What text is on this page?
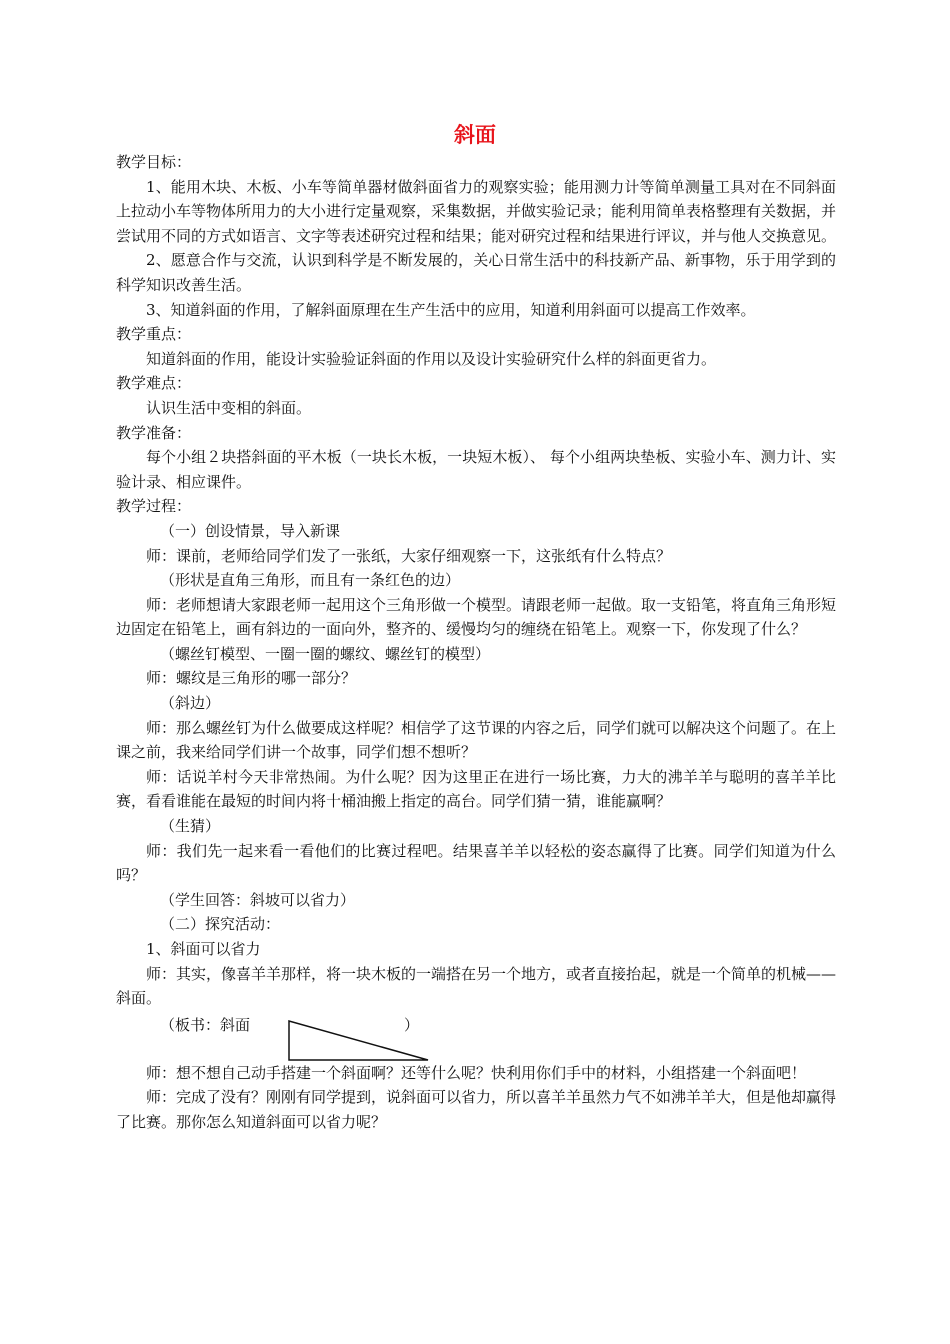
斜面

教学目标：

1、能用木块、木板、小车等简单器材做斜面省力的观察实验；能用测力计等简单测量工具对在不同斜面上拉动小车等物体所用力的大小进行定量观察，采集数据，并做实验记录；能利用简单表格整理有关数据，并尝试用不同的方式如语言、文字等表述研究过程和结果；能对研究过程和结果进行评议，并与他人交换意见。

2、愿意合作与交流，认识到科学是不断发展的，关心日常生活中的科技新产品、新事物，乐于用学到的科学知识改善生活。

3、知道斜面的作用，了解斜面原理在生产生活中的应用，知道利用斜面可以提高工作效率。

教学重点：

知道斜面的作用，能设计实验验证斜面的作用以及设计实验研究什么样的斜面更省力。

教学难点：

认识生活中变相的斜面。

教学准备：

每个小组２块搭斜面的平木板（一块长木板，一块短木板）、 每个小组两块垫板、实验小车、测力计、实验计录、相应课件。

教学过程：

（一）创设情景，导入新课

师：课前，老师给同学们发了一张纸，大家仔细观察一下，这张纸有什么特点？

（形状是直角三角形，而且有一条红色的边）

师：老师想请大家跟老师一起用这个三角形做一个模型。请跟老师一起做。取一支铅笔，将直角三角形短边固定在铅笔上，画有斜边的一面向外，整齐的、缓慢均匀的缠绕在铅笔上。观察一下，你发现了什么？

（螺丝钉模型、一圈一圈的螺纹、螺丝钉的模型）

师：螺纹是三角形的哪一部分？

（斜边）

师：那么螺丝钉为什么做要成这样呢？相信学了这节课的内容之后，同学们就可以解决这个问题了。在上课之前，我来给同学们讲一个故事，同学们想不想听？

师：话说羊村今天非常热闹。为什么呢？因为这里正在进行一场比赛，力大的沸羊羊与聪明的喜羊羊比赛，看看谁能在最短的时间内将十桶油搬上指定的高台。同学们猜一猜，谁能赢啊？

（生猜）

师：我们先一起来看一看他们的比赛过程吧。结果喜羊羊以轻松的姿态赢得了比赛。同学们知道为什么吗？

（学生回答：斜坡可以省力）

（二）探究活动：

1、斜面可以省力

师：其实，像喜羊羊那样，将一块木板的一端搭在另一个地方，或者直接抬起，就是一个简单的机械——斜面。

（板书：斜面	）

师：想不想自己动手搭建一个斜面啊？还等什么呢？快利用你们手中的材料，小组搭建一个斜面吧！

师：完成了没有？刚刚有同学提到，说斜面可以省力，所以喜羊羊虽然力气不如沸羊羊大，但是他却赢得了比赛。那你怎么知道斜面可以省力呢？
